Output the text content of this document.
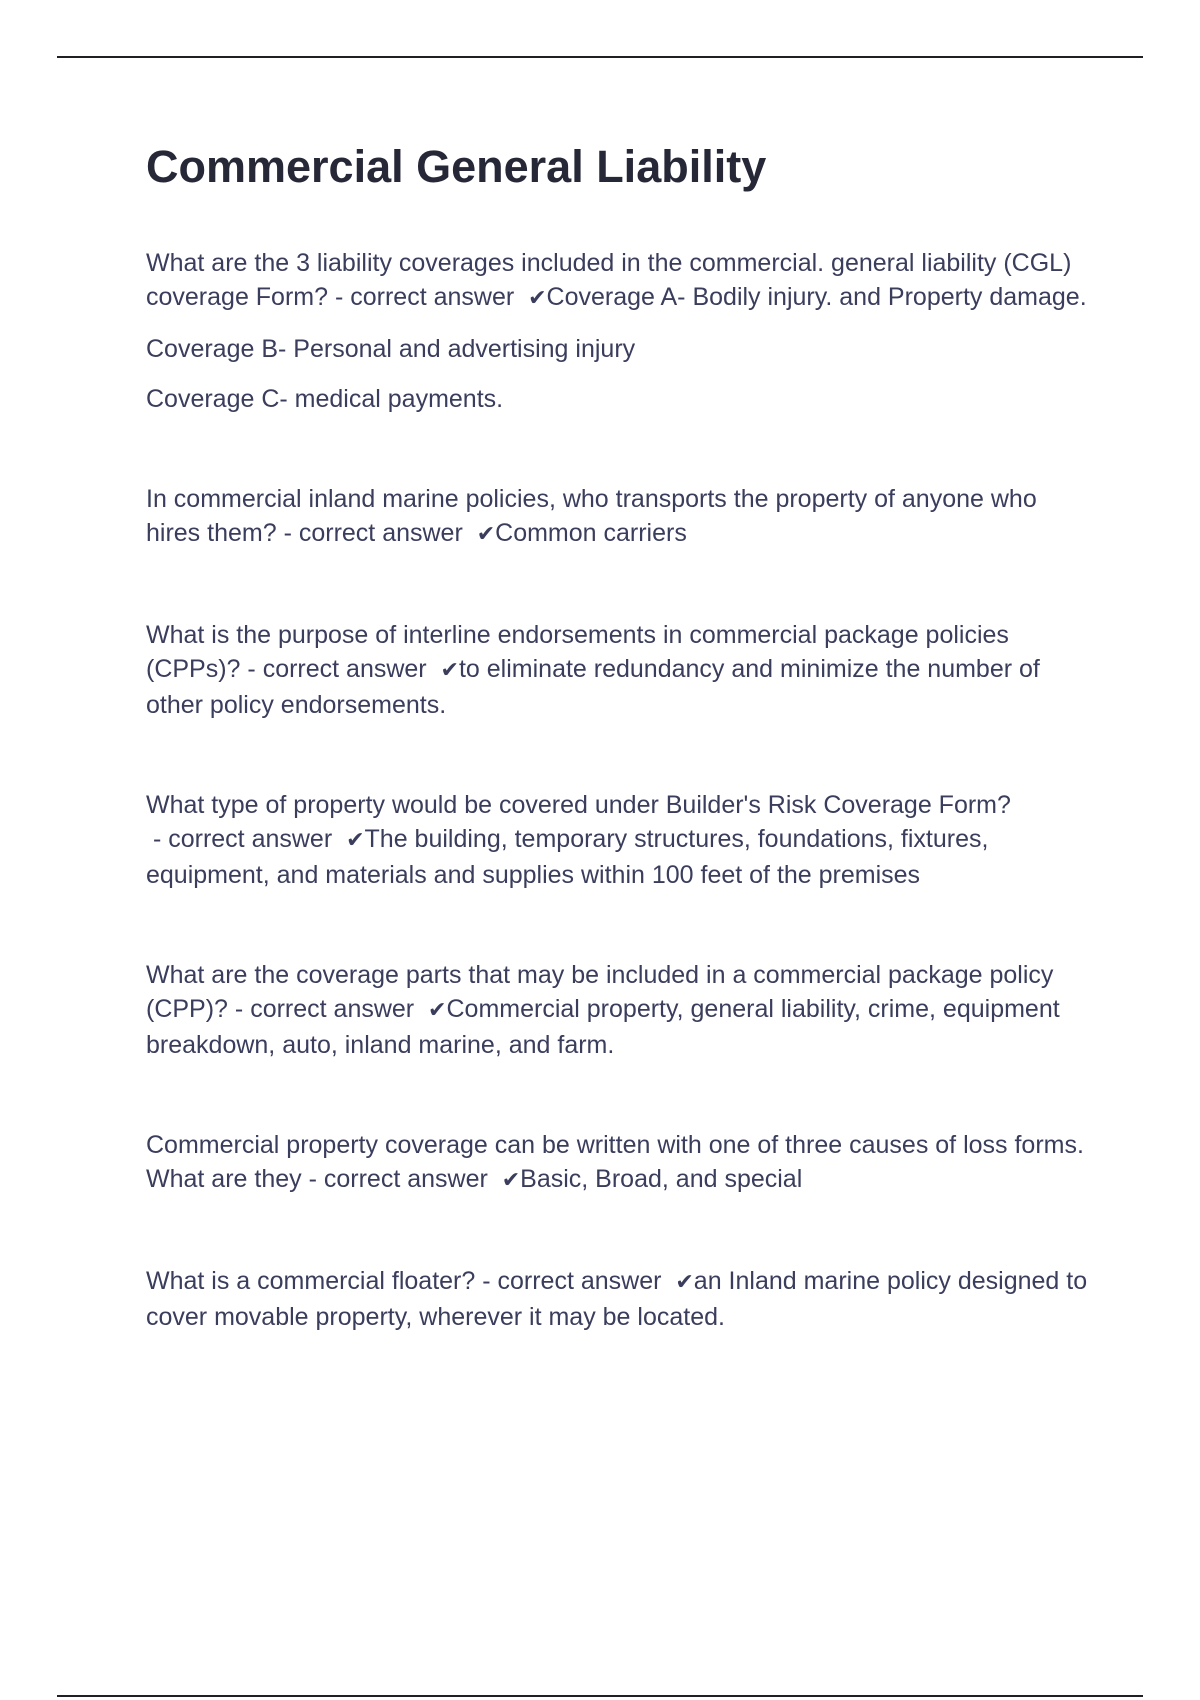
Commercial General Liability

What are the 3 liability coverages included in the commercial. general liability (CGL) coverage Form? - correct answer ✔Coverage A- Bodily injury. and Property damage.

Coverage B- Personal and advertising injury

Coverage C- medical payments.

In commercial inland marine policies, who transports the property of anyone who hires them? - correct answer ✔Common carriers

What is the purpose of interline endorsements in commercial package policies (CPPs)? - correct answer ✔to eliminate redundancy and minimize the number of other policy endorsements.

What type of property would be covered under Builder's Risk Coverage Form? - correct answer ✔The building, temporary structures, foundations, fixtures, equipment, and materials and supplies within 100 feet of the premises

What are the coverage parts that may be included in a commercial package policy (CPP)? - correct answer ✔Commercial property, general liability, crime, equipment breakdown, auto, inland marine, and farm.

Commercial property coverage can be written with one of three causes of loss forms. What are they - correct answer ✔Basic, Broad, and special

What is a commercial floater? - correct answer ✔an Inland marine policy designed to cover movable property, wherever it may be located.
